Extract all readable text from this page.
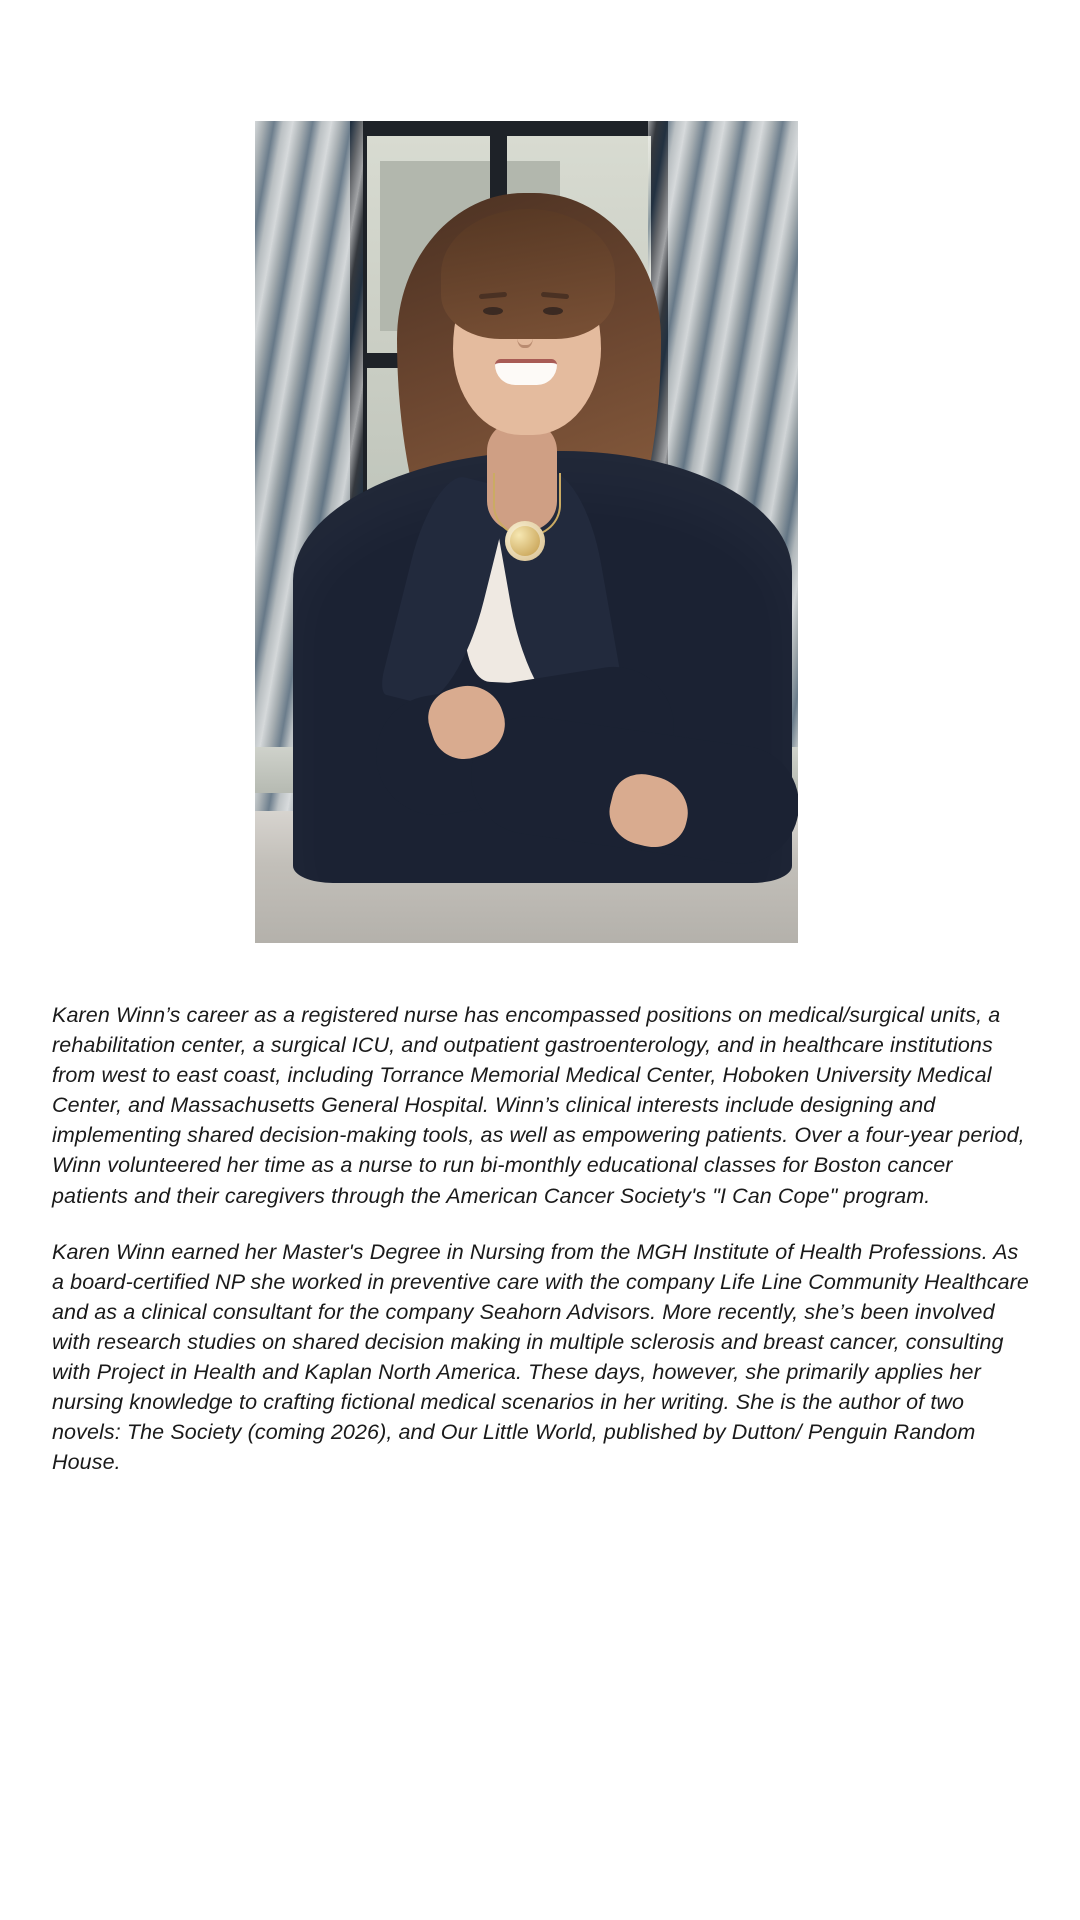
Karen Winn’s career as a registered nurse has encompassed positions on medical/surgical units, a rehabilitation center, a surgical ICU, and outpatient gastroenterology, and in healthcare institutions from west to east coast, including Torrance Memorial Medical Center, Hoboken University Medical Center, and Massachusetts General Hospital. Winn’s clinical interests include designing and implementing shared decision-making tools, as well as empowering patients. Over a four-year period, Winn volunteered her time as a nurse to run bi-monthly educational classes for Boston cancer patients and their caregivers through the American Cancer Society's "I Can Cope" program.

Karen Winn earned her Master's Degree in Nursing from the MGH Institute of Health Professions. As a board-certified NP she worked in preventive care with the company Life Line Community Healthcare and as a clinical consultant for the company Seahorn Advisors. More recently, she’s been involved with research studies on shared decision making in multiple sclerosis and breast cancer, consulting with Project in Health and Kaplan North America. These days, however, she primarily applies her nursing knowledge to crafting fictional medical scenarios in her writing. She is the author of two novels: The Society (coming 2026), and Our Little World, published by Dutton/ Penguin Random House.
